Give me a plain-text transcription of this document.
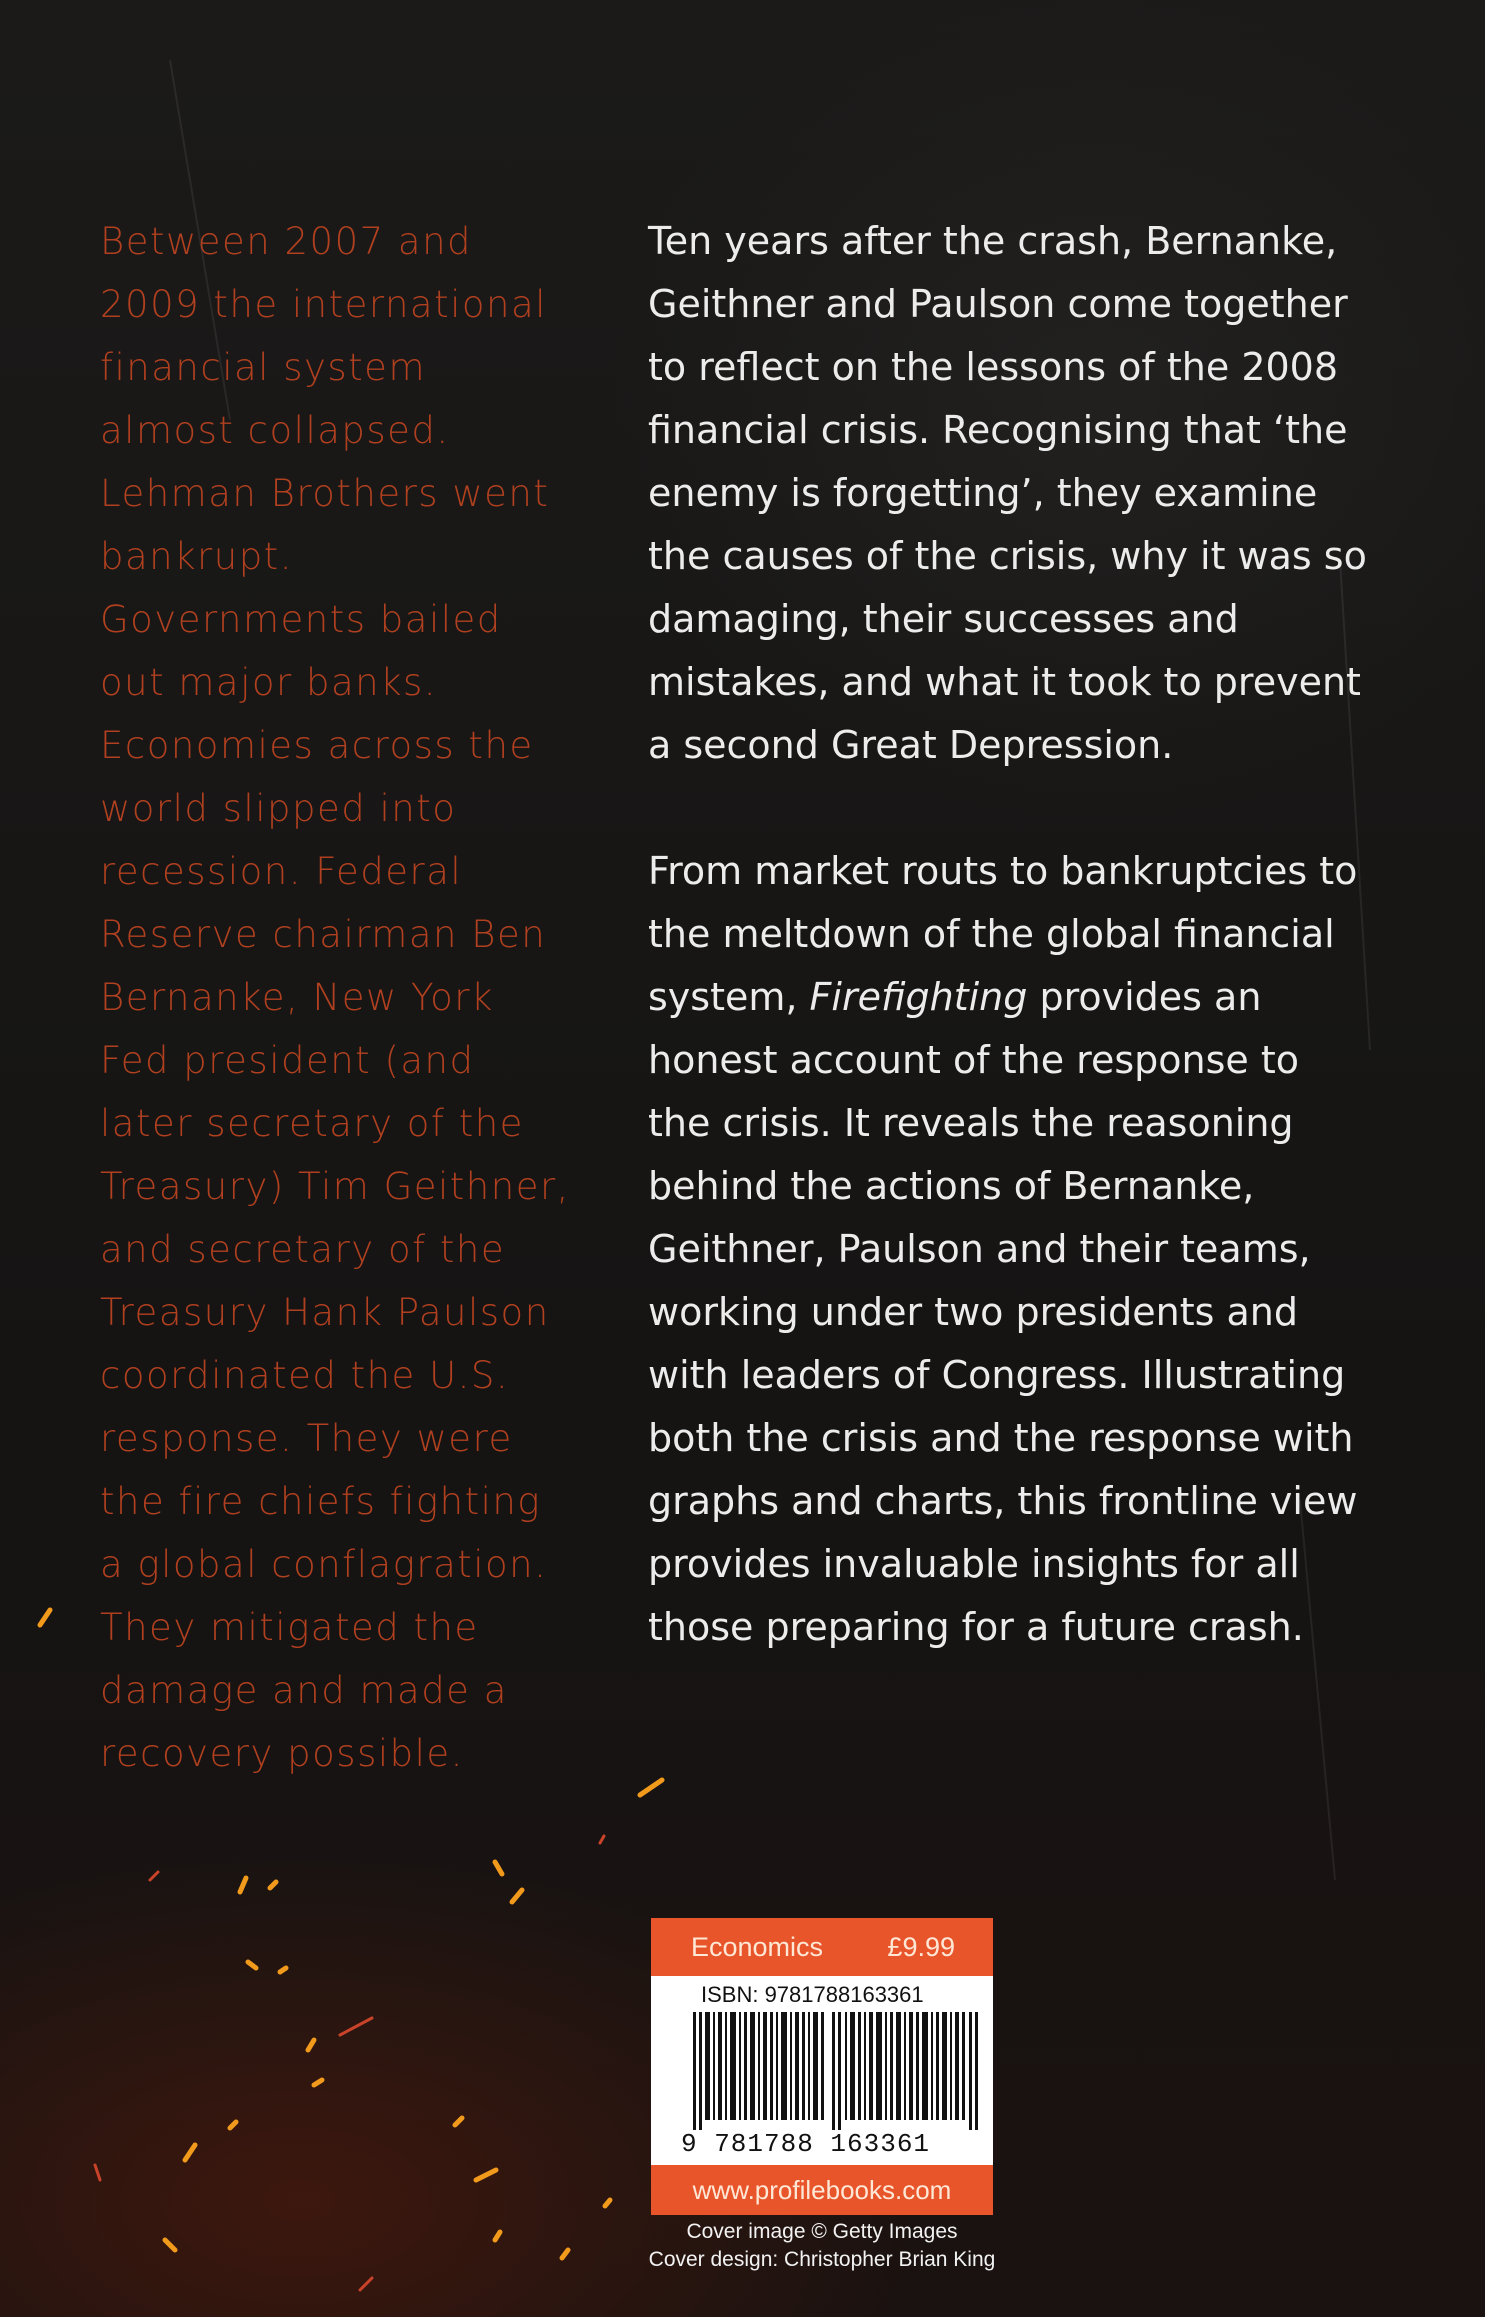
Between 2007 and 2009 the international financial system almost collapsed. Lehman Brothers went bankrupt. Governments bailed out major banks. Economies across the world slipped into recession. Federal Reserve chairman Ben Bernanke, New York Fed president (and later secretary of the Treasury) Tim Geithner, and secretary of the Treasury Hank Paulson coordinated the U.S. response. They were the fire chiefs fighting a global conflagration. They mitigated the damage and made a recovery possible.

Ten years after the crash, Bernanke, Geithner and Paulson come together to reflect on the lessons of the 2008 financial crisis. Recognising that ‘the enemy is forgetting’, they examine the causes of the crisis, why it was so damaging, their successes and mistakes, and what it took to prevent a second Great Depression.

From market routs to bankruptcies to the meltdown of the global financial system, Firefighting provides an honest account of the response to the crisis. It reveals the reasoning behind the actions of Bernanke, Geithner, Paulson and their teams, working under two presidents and with leaders of Congress. Illustrating both the crisis and the response with graphs and charts, this frontline view provides invaluable insights for all those preparing for a future crash.

Economics £9.99
ISBN: 9781788163361
9 781788 163361
www.profilebooks.com
Cover image © Getty Images
Cover design: Christopher Brian King
